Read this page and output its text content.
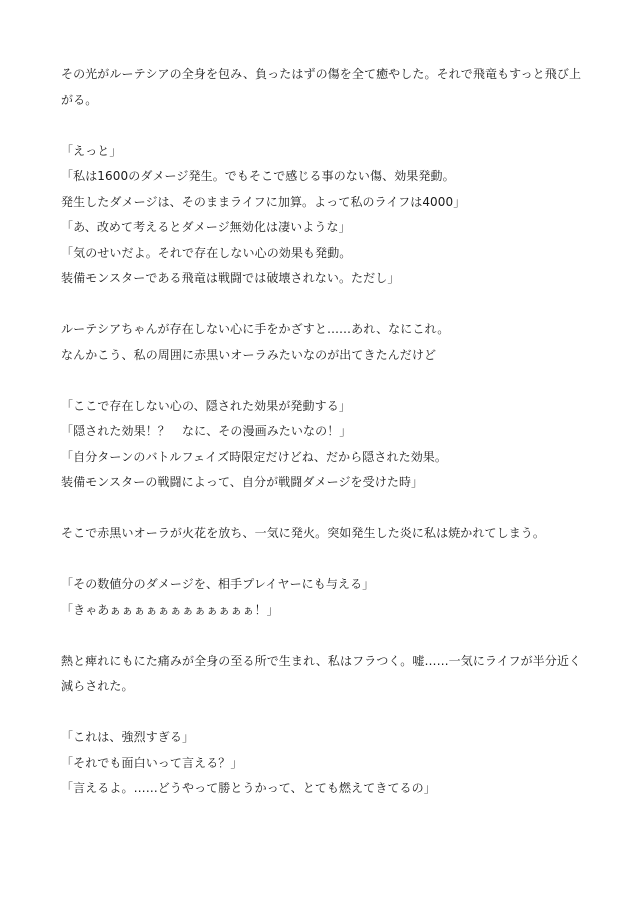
その光がルーテシアの全身を包み、負ったはずの傷を全て癒やした。それで飛竜もすっと飛び上
がる。
「えっと」
「私は1600のダメージ発生。でもそこで感じる事のない傷、効果発動。
発生したダメージは、そのままライフに加算。よって私のライフは4000」
「あ、改めて考えるとダメージ無効化は凄いような」
「気のせいだよ。それで存在しない心の効果も発動。
装備モンスターである飛竜は戦闘では破壊されない。ただし」
ルーテシアちゃんが存在しない心に手をかざすと……あれ、なにこれ。
なんかこう、私の周囲に赤黒いオーラみたいなのが出てきたんだけど
「ここで存在しない心の、隠された効果が発動する」
「隠された効果！？　なに、その漫画みたいなの！」
「自分ターンのバトルフェイズ時限定だけどね、だから隠された効果。
装備モンスターの戦闘によって、自分が戦闘ダメージを受けた時」
そこで赤黒いオーラが火花を放ち、一気に発火。突如発生した炎に私は焼かれてしまう。
「その数値分のダメージを、相手プレイヤーにも与える」
「きゃあぁぁぁぁぁぁぁぁぁぁぁぁ！」
熱と痺れにもにた痛みが全身の至る所で生まれ、私はフラつく。嘘……一気にライフが半分近く
減らされた。
「これは、強烈すぎる」
「それでも面白いって言える？」
「言えるよ。……どうやって勝とうかって、とても燃えてきてるの」
